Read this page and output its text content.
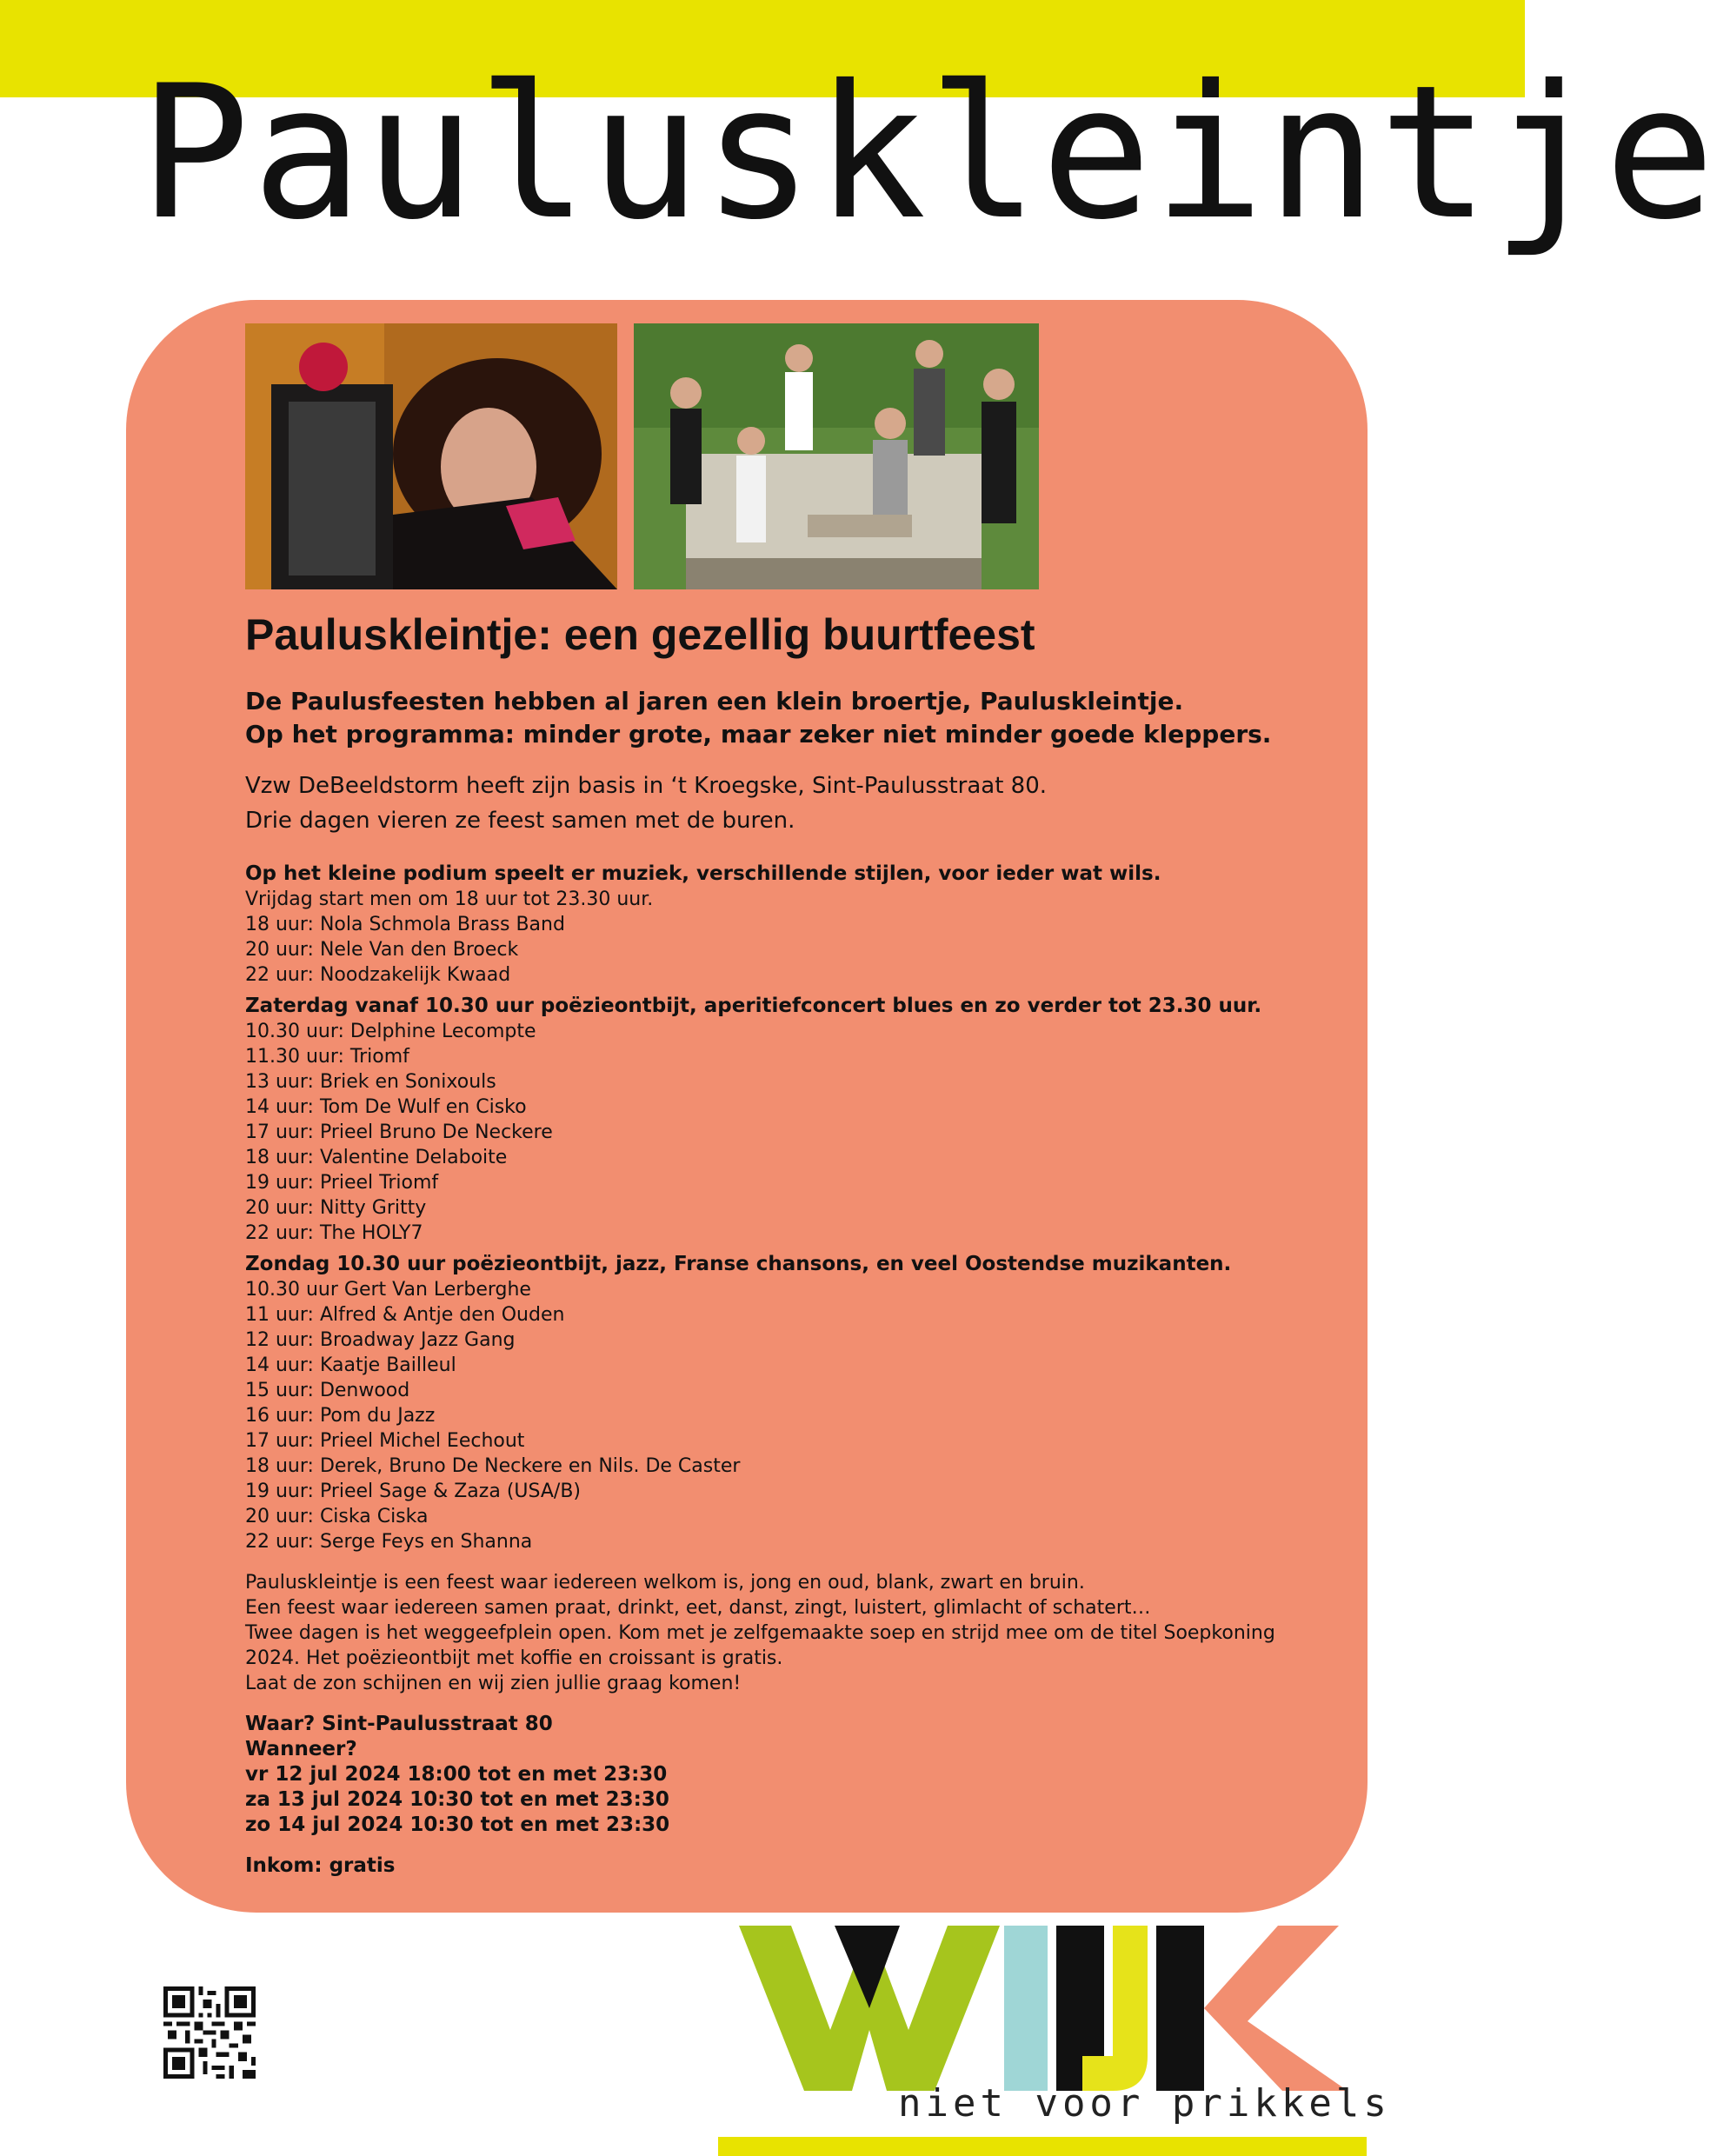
Pauluskleintje
Pauluskleintje: een gezellig buurtfeest

De Paulusfeesten hebben al jaren een klein broertje, Pauluskleintje.

Op het programma: minder grote, maar zeker niet minder goede kleppers.

Vzw DeBeeldstorm heeft zijn basis in ‘t Kroegske, Sint-Paulusstraat 80.

Drie dagen vieren ze feest samen met de buren.

Op het kleine podium speelt er muziek, verschillende stijlen, voor ieder wat wils.

Vrijdag start men om 18 uur tot 23.30 uur.

18 uur: Nola Schmola Brass Band

20 uur: Nele Van den Broeck

22 uur: Noodzakelijk Kwaad

Zaterdag vanaf 10.30 uur poëzieontbijt, aperitiefconcert blues en zo verder tot 23.30 uur.

10.30 uur: Delphine Lecompte

11.30 uur: Triomf

13 uur: Briek en Sonixouls

14 uur: Tom De Wulf en Cisko

17 uur: Prieel Bruno De Neckere

18 uur: Valentine Delaboite

19 uur: Prieel Triomf

20 uur: Nitty Gritty

22 uur: The HOLY7

Zondag 10.30 uur poëzieontbijt, jazz, Franse chansons, en veel Oostendse muzikanten.

10.30 uur Gert Van Lerberghe

11 uur: Alfred & Antje den Ouden

12 uur: Broadway Jazz Gang

14 uur: Kaatje Bailleul

15 uur: Denwood

16 uur: Pom du Jazz

17 uur: Prieel Michel Eechout

18 uur: Derek, Bruno De Neckere en Nils. De Caster

19 uur: Prieel Sage & Zaza (USA/B)

20 uur: Ciska Ciska

22 uur: Serge Feys en Shanna

Pauluskleintje is een feest waar iedereen welkom is, jong en oud, blank, zwart en bruin.

Een feest waar iedereen samen praat, drinkt, eet, danst, zingt, luistert, glimlacht of schatert…

Twee dagen is het weggeefplein open. Kom met je zelfgemaakte soep en strijd mee om de titel Soepkoning

2024. Het poëzieontbijt met koffie en croissant is gratis.

Laat de zon schijnen en wij zien jullie graag komen!

Waar? Sint-Paulusstraat 80

Wanneer?

vr 12 jul 2024 18:00 tot en met 23:30

za 13 jul 2024 10:30 tot en met 23:30

zo 14 jul 2024 10:30 tot en met 23:30

Inkom: gratis

niet voor prikkels
